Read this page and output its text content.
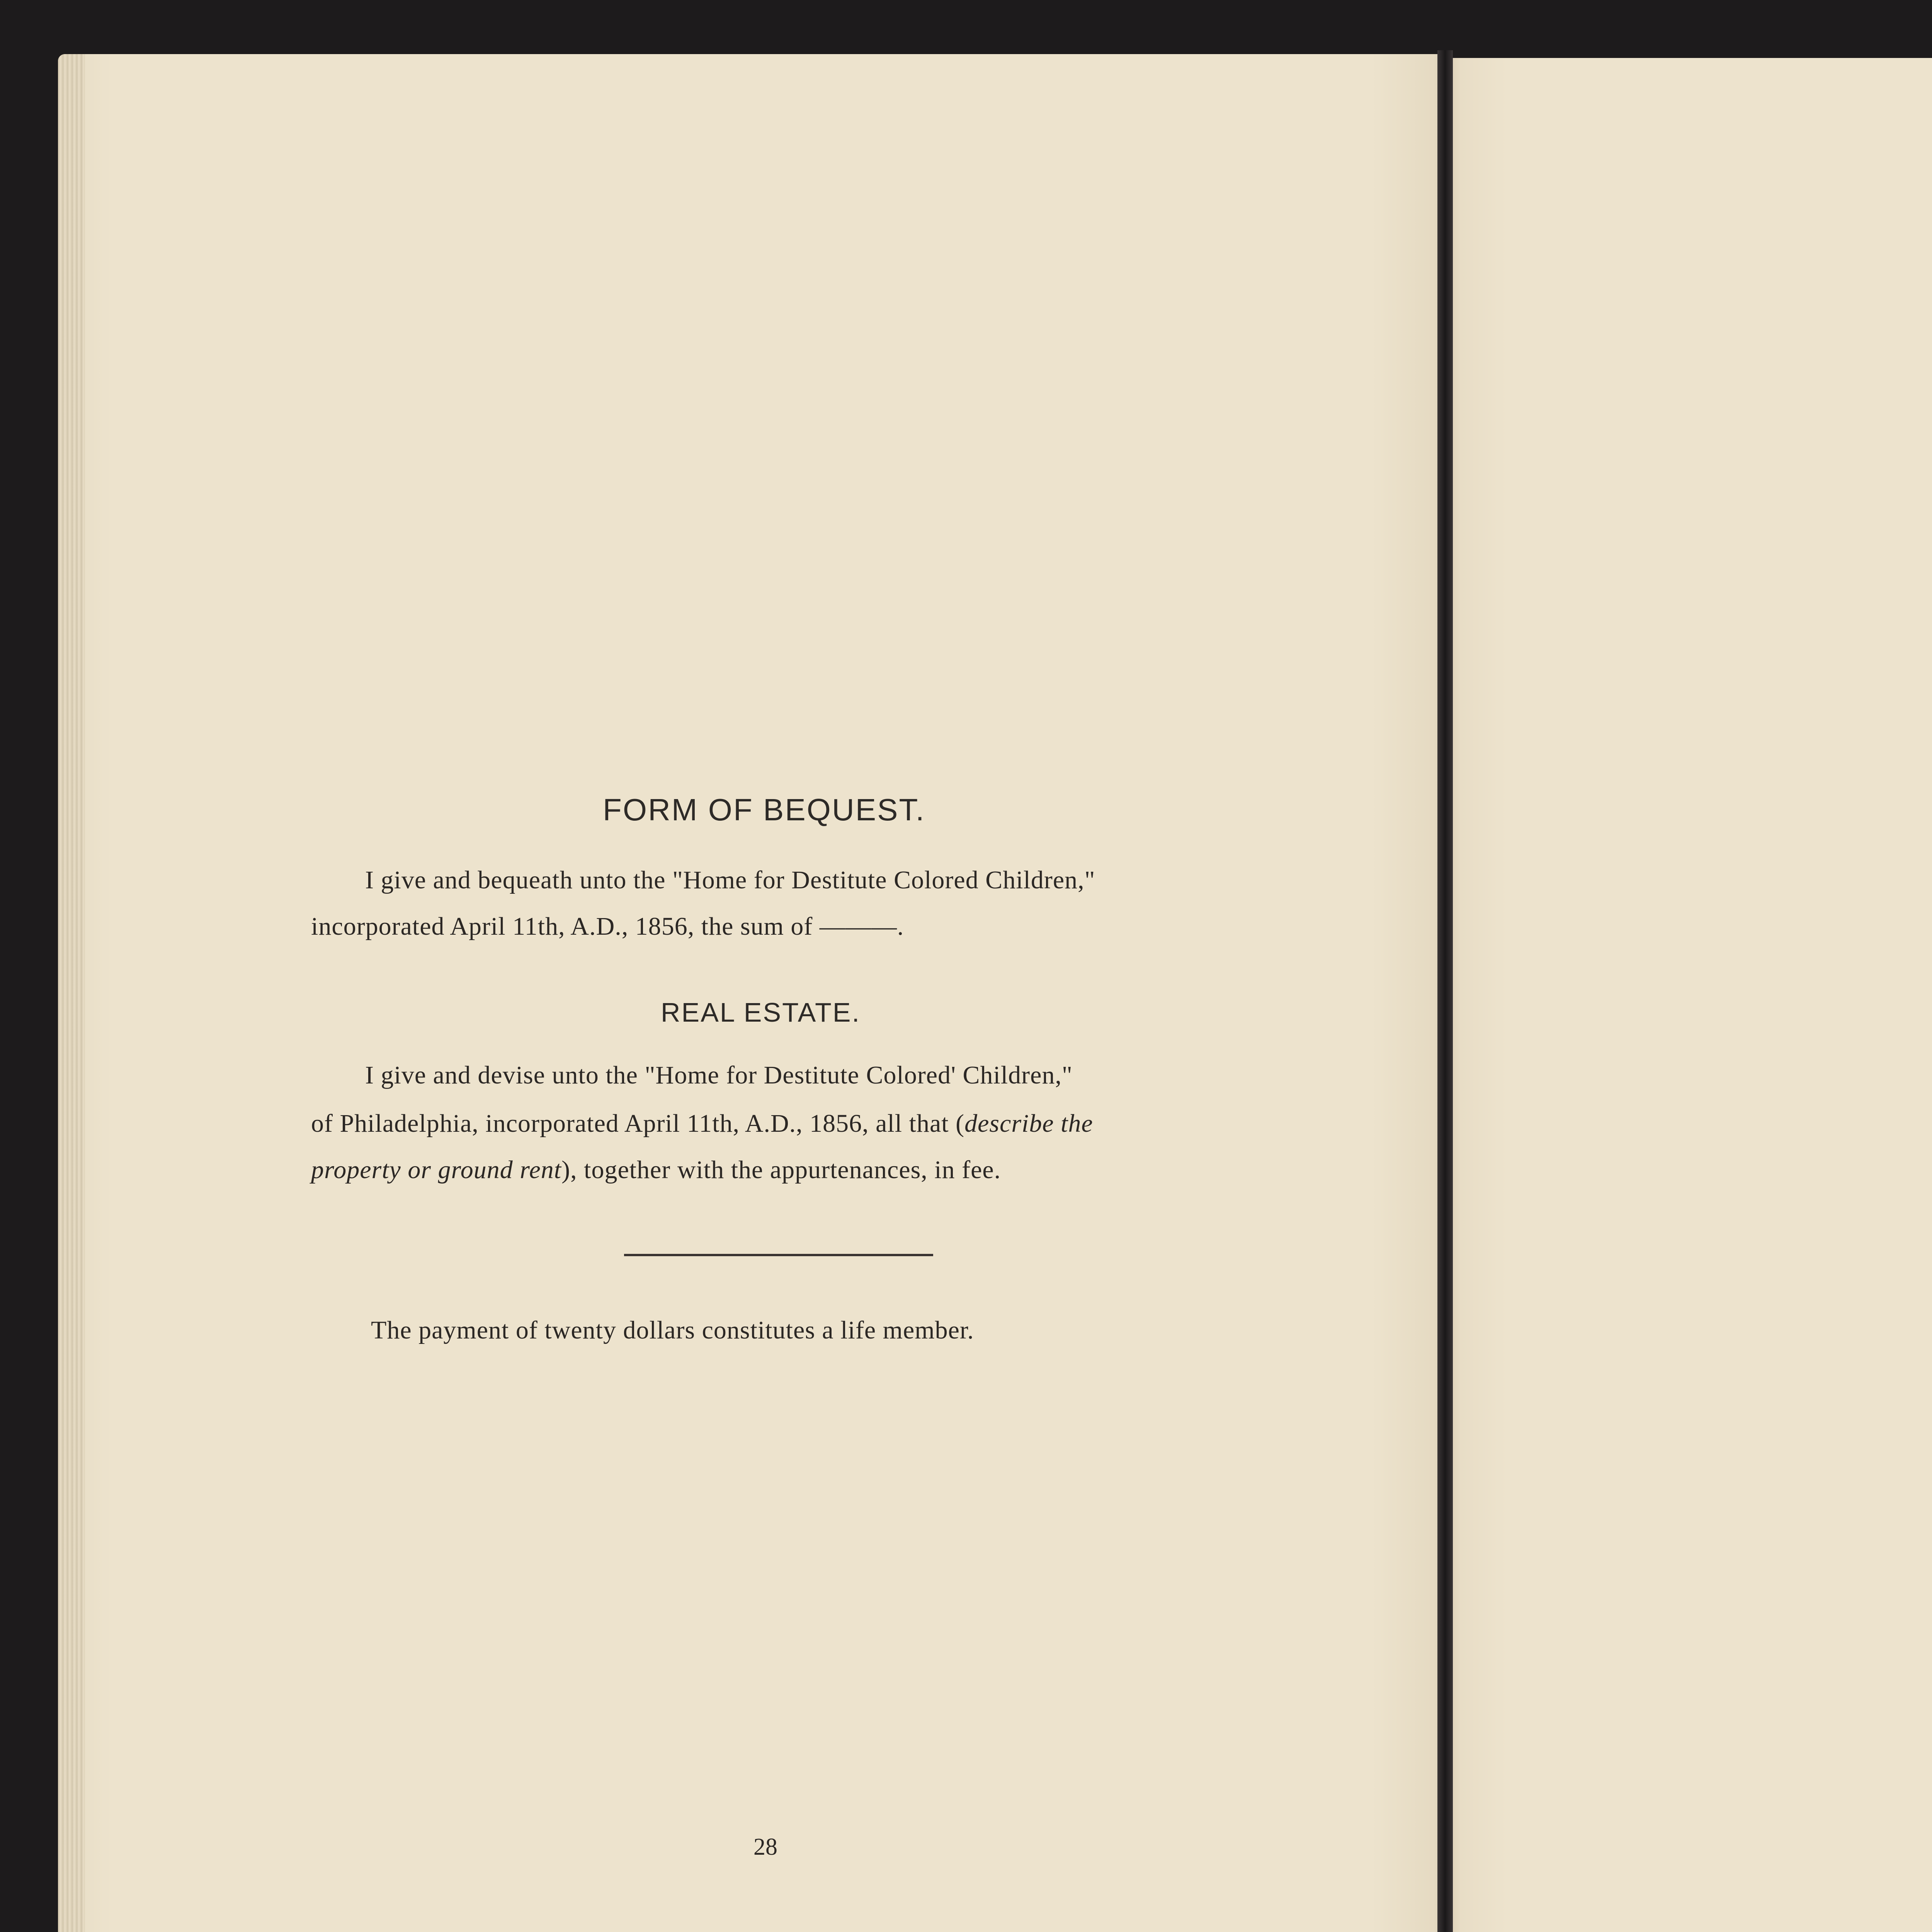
FORM OF BEQUEST.
I give and bequeath unto the "Home for Destitute Colored Children,"
incorporated April 11th, A.D., 1856, the sum of ———.
REAL ESTATE.
I give and devise unto the "Home for Destitute Colored' Children,"
of Philadelphia, incorporated April 11th, A.D., 1856, all that (describe the
property or ground rent), together with the appurtenances, in fee.
The payment of twenty dollars constitutes a life member.
28
